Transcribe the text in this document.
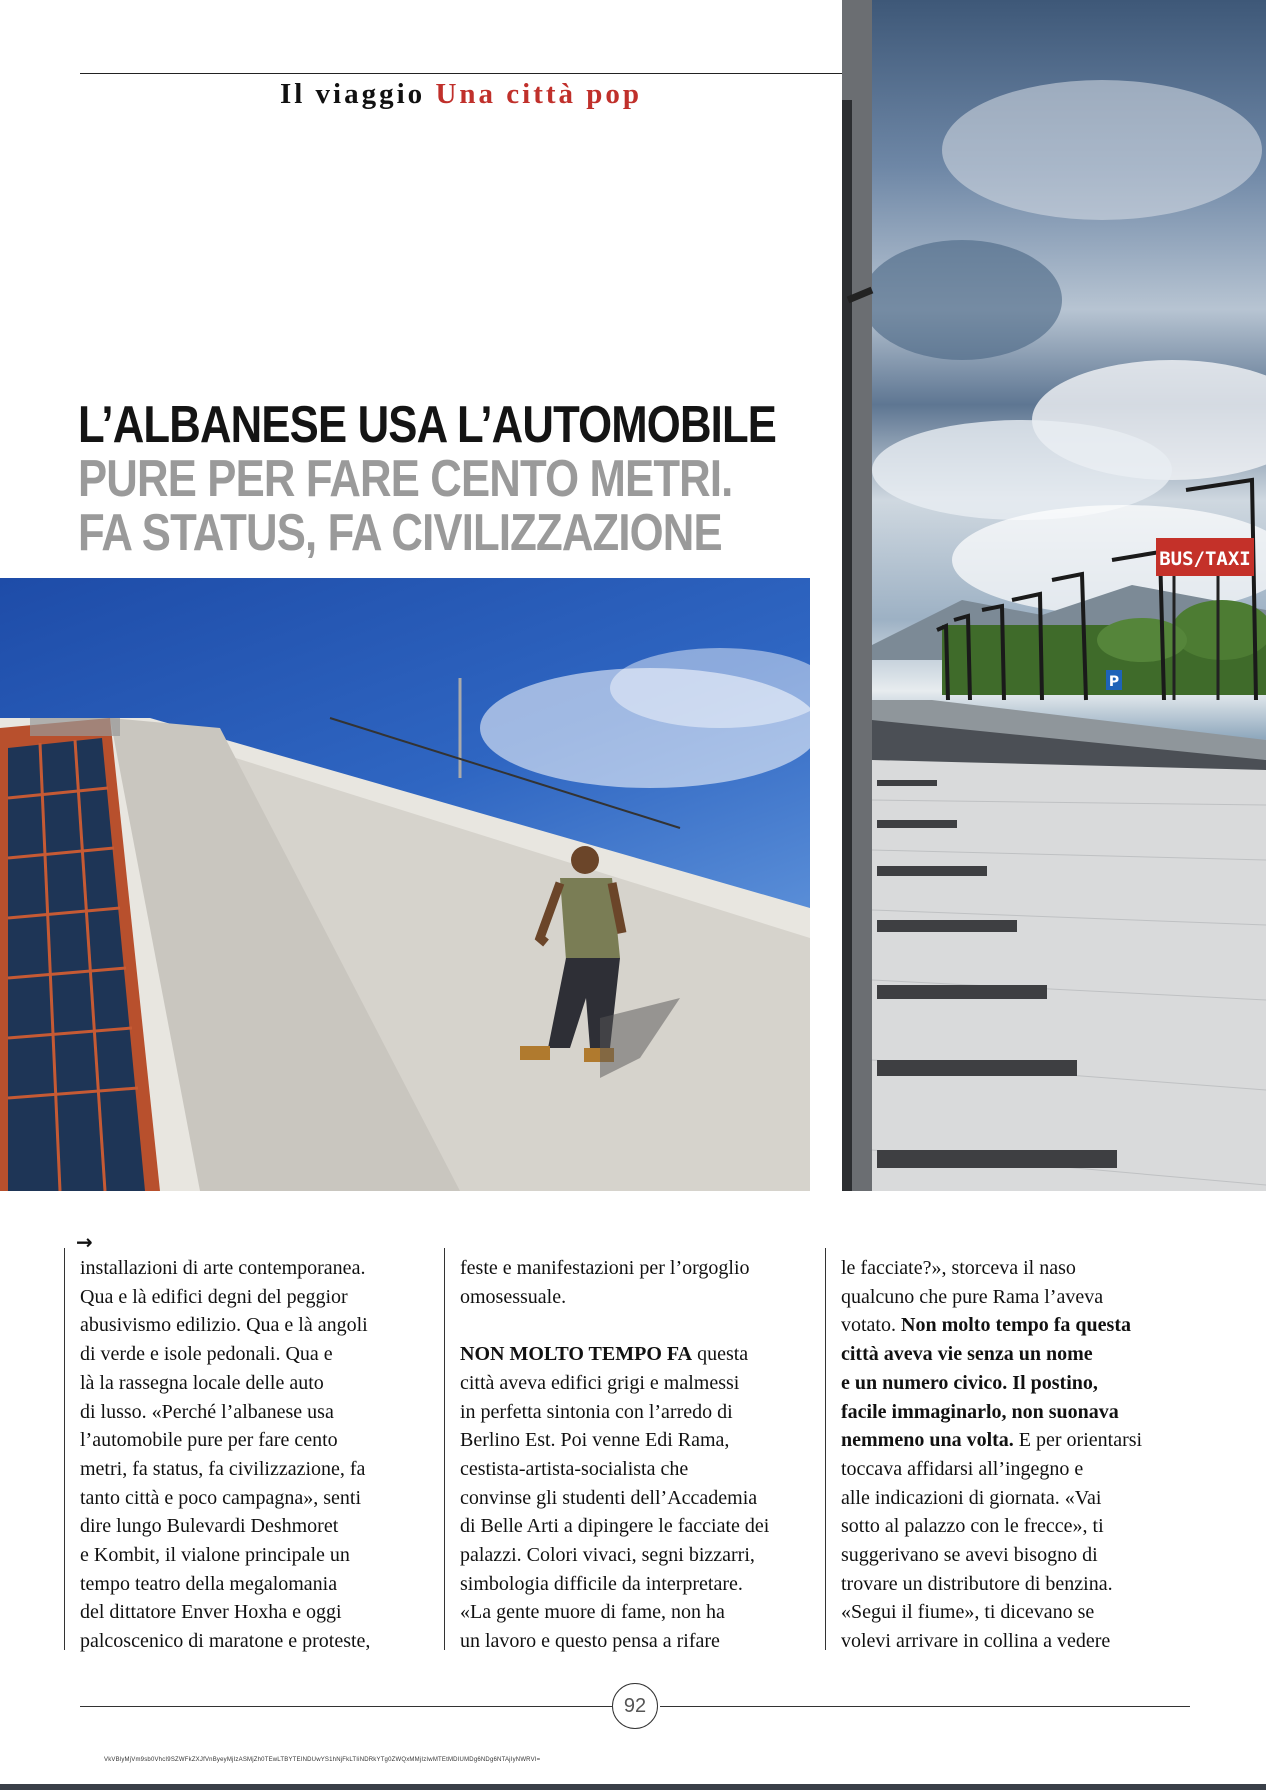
Il viaggio Una città pop
L’ALBANESE USA L’AUTOMOBILE
PURE PER FARE CENTO METRI.
FA STATUS, FA CIVILIZZAZIONE	BUS/TAXI
P
→

installazioni di arte contemporanea.

Qua e là edifici degni del peggior

abusivismo edilizio. Qua e là angoli

di verde e isole pedonali. Qua e

là la rassegna locale delle auto

di lusso. «Perché l’albanese usa

l’automobile pure per fare cento

metri, fa status, fa civilizzazione, fa

tanto città e poco campagna», senti

dire lungo Bulevardi Deshmoret

e Kombit, il vialone principale un

tempo teatro della megalomania

del dittatore Enver Hoxha e oggi

palcoscenico di maratone e proteste,

feste e manifestazioni per l’orgoglio

omosessuale.

NON MOLTO TEMPO FA questa

città aveva edifici grigi e malmessi

in perfetta sintonia con l’arredo di

Berlino Est. Poi venne Edi Rama,

cestista-artista-socialista che

convinse gli studenti dell’Accademia

di Belle Arti a dipingere le facciate dei

palazzi. Colori vivaci, segni bizzarri,

simbologia difficile da interpretare.

«La gente muore di fame, non ha

un lavoro e questo pensa a rifare

le facciate?», storceva il naso

qualcuno che pure Rama l’aveva

votato. Non molto tempo fa questa

città aveva vie senza un nome

e un numero civico. Il postino,

facile immaginarlo, non suonava

nemmeno una volta. E per orientarsi

toccava affidarsi all’ingegno e

alle indicazioni di giornata. «Vai

sotto al palazzo con le frecce», ti

suggerivano se avevi bisogno di

trovare un distributore di benzina.

«Segui il fiume», ti dicevano se

volevi arrivare in collina a vedere

92
VkVBlyMjVm9sb0VhcI9SZWFkZXJfVnByeyMjIzASMjZh0TEwLTBYTEINDUwYS1hNjFkLTIiNDRkYTg0ZWQxMMjIzIwMTEtMDIUMDg6NDg6NTAjIyNWRVI=
